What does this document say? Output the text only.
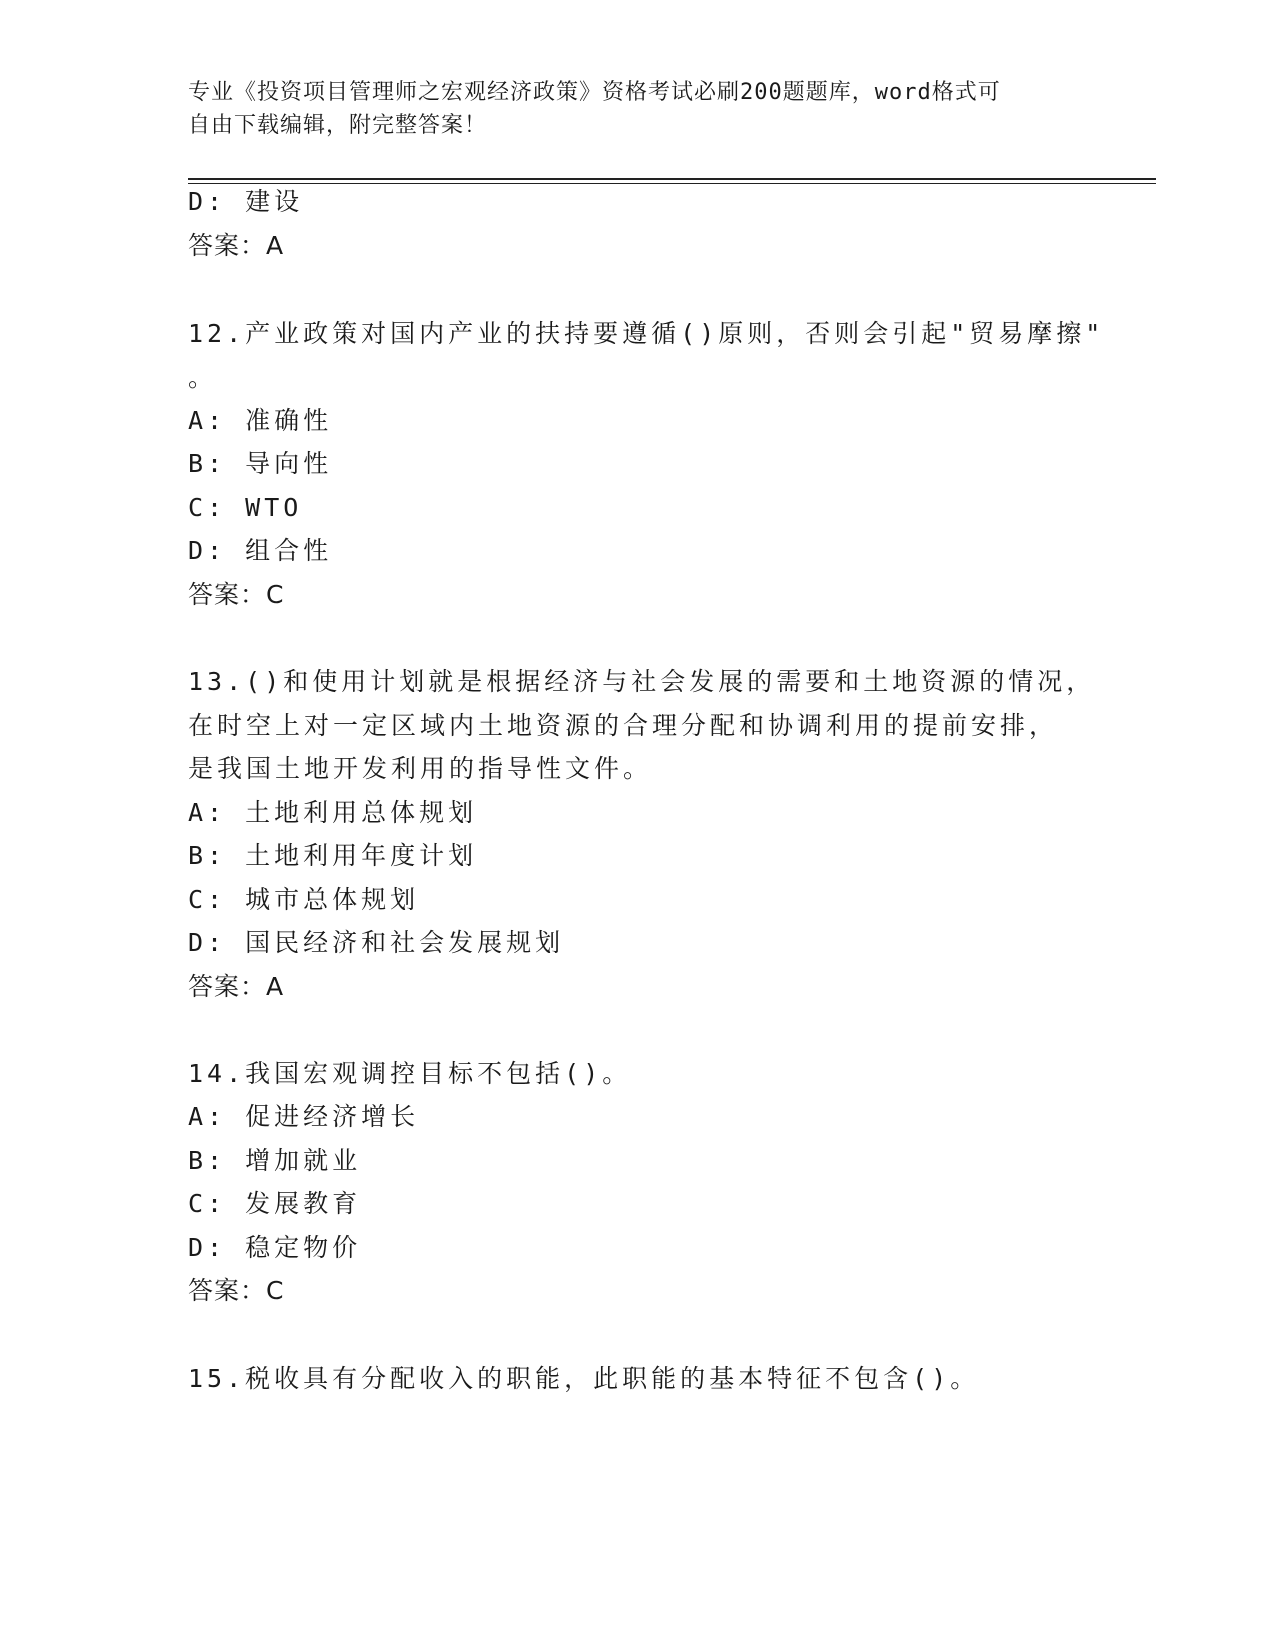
专业《投资项目管理师之宏观经济政策》资格考试必刷200题题库，word格式可
自由下载编辑，附完整答案！
D: 建设
答案：A
12.产业政策对国内产业的扶持要遵循()原则，否则会引起"贸易摩擦"
。
A: 准确性
B: 导向性
C: WTO
D: 组合性
答案：C
13.()和使用计划就是根据经济与社会发展的需要和土地资源的情况，
在时空上对一定区域内土地资源的合理分配和协调利用的提前安排，
是我国土地开发利用的指导性文件。
A: 土地利用总体规划
B: 土地利用年度计划
C: 城市总体规划
D: 国民经济和社会发展规划
答案：A
14.我国宏观调控目标不包括()。
A: 促进经济增长
B: 增加就业
C: 发展教育
D: 稳定物价
答案：C
15.税收具有分配收入的职能，此职能的基本特征不包含()。
